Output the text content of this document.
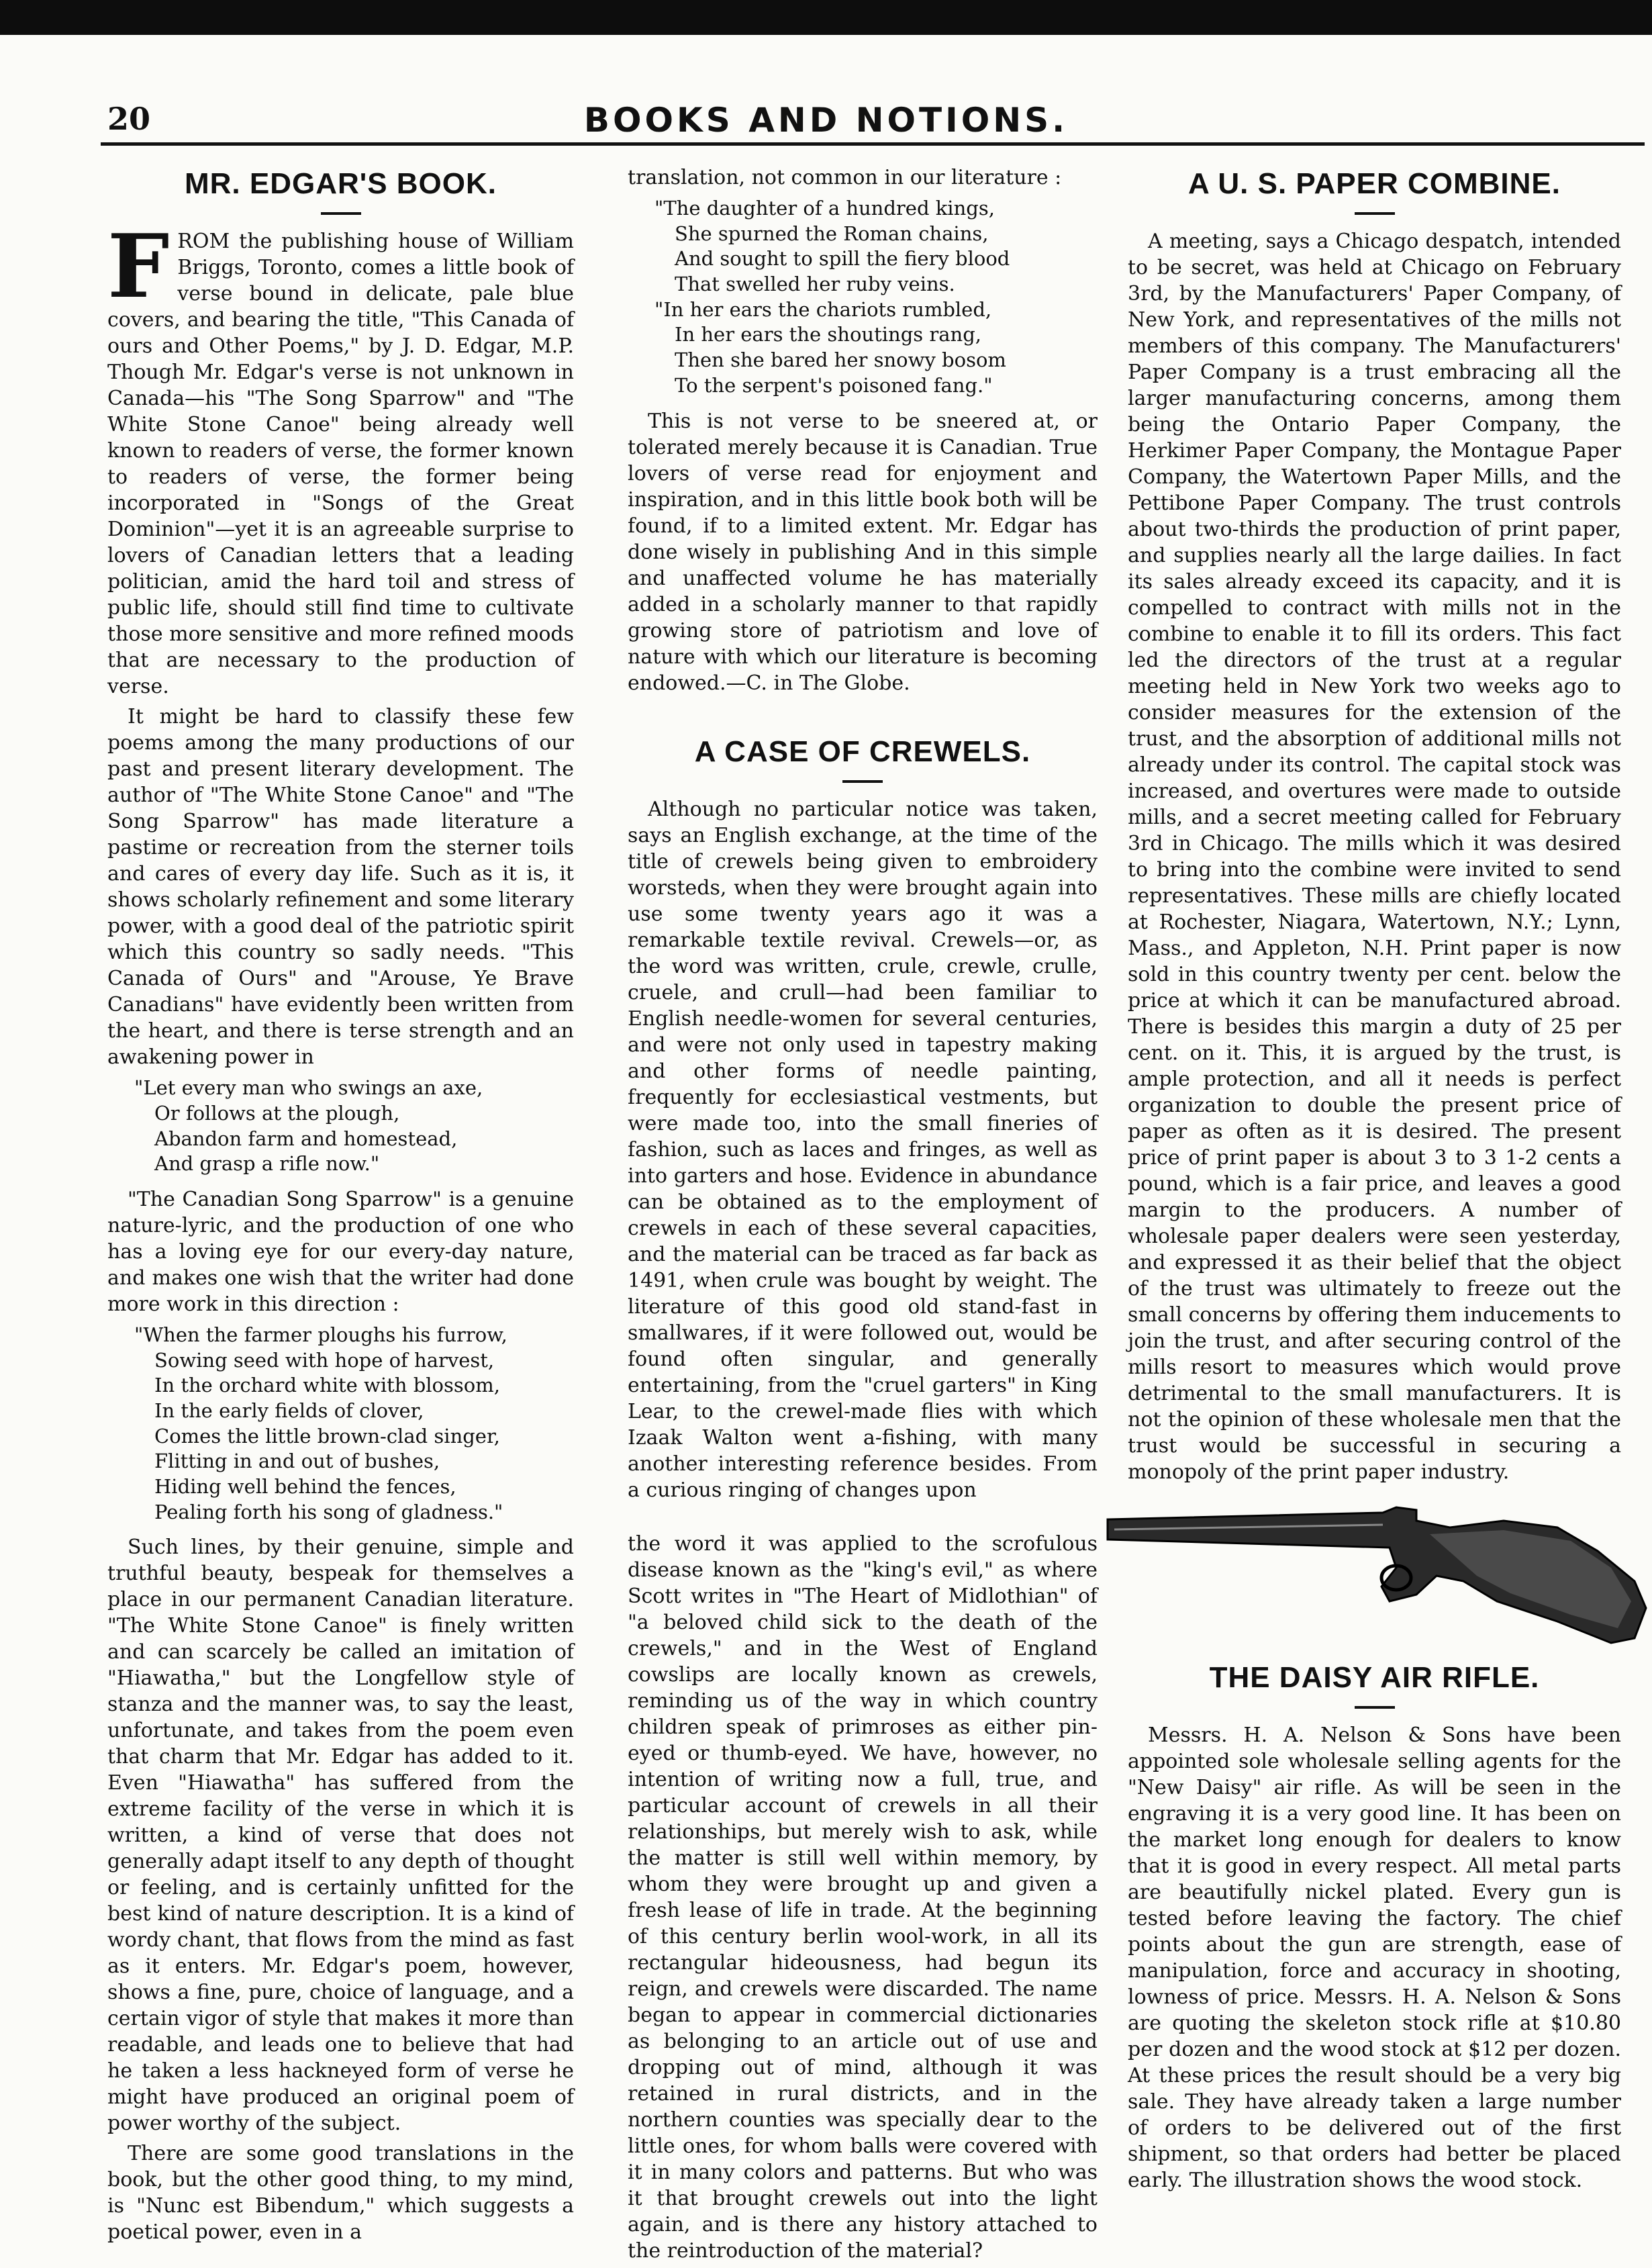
20	BOOKS AND NOTIONS.
MR. EDGAR'S BOOK.

FROM the publishing house of William Briggs, Toronto, comes a little book of verse bound in delicate, pale blue covers, and bearing the title, "This Canada of ours and Other Poems," by J. D. Edgar, M.P. Though Mr. Edgar's verse is not unknown in Canada—his "The Song Sparrow" and "The White Stone Canoe" being already well known to readers of verse, the former known to readers of verse, the former being incorporated in "Songs of the Great Dominion"—yet it is an agreeable surprise to lovers of Canadian letters that a leading politician, amid the hard toil and stress of public life, should still find time to cultivate those more sensitive and more refined moods that are necessary to the production of verse.

It might be hard to classify these few poems among the many productions of our past and present literary development. The author of "The White Stone Canoe" and "The Song Sparrow" has made literature a pastime or recreation from the sterner toils and cares of every day life. Such as it is, it shows scholarly refinement and some literary power, with a good deal of the patriotic spirit which this country so sadly needs. "This Canada of Ours" and "Arouse, Ye Brave Canadians" have evidently been written from the heart, and there is terse strength and an awakening power in

"Let every man who swings an axe,
Or follows at the plough,
Abandon farm and homestead,
And grasp a rifle now."

"The Canadian Song Sparrow" is a genuine nature-lyric, and the production of one who has a loving eye for our every-day nature, and makes one wish that the writer had done more work in this direction :

"When the farmer ploughs his furrow,
Sowing seed with hope of harvest,
In the orchard white with blossom,
In the early fields of clover,
Comes the little brown-clad singer,
Flitting in and out of bushes,
Hiding well behind the fences,
Pealing forth his song of gladness."

Such lines, by their genuine, simple and truthful beauty, bespeak for themselves a place in our permanent Canadian literature. "The White Stone Canoe" is finely written and can scarcely be called an imitation of "Hiawatha," but the Longfellow style of stanza and the manner was, to say the least, unfortunate, and takes from the poem even that charm that Mr. Edgar has added to it. Even "Hiawatha" has suffered from the extreme facility of the verse in which it is written, a kind of verse that does not generally adapt itself to any depth of thought or feeling, and is certainly unfitted for the best kind of nature description. It is a kind of wordy chant, that flows from the mind as fast as it enters. Mr. Edgar's poem, however, shows a fine, pure, choice of language, and a certain vigor of style that makes it more than readable, and leads one to believe that had he taken a less hackneyed form of verse he might have produced an original poem of power worthy of the subject.

There are some good translations in the book, but the other good thing, to my mind, is "Nunc est Bibendum," which suggests a poetical power, even in a

translation, not common in our literature :

"The daughter of a hundred kings,
She spurned the Roman chains,
And sought to spill the fiery blood
That swelled her ruby veins.
"In her ears the chariots rumbled,
In her ears the shoutings rang,
Then she bared her snowy bosom
To the serpent's poisoned fang."

This is not verse to be sneered at, or tolerated merely because it is Canadian. True lovers of verse read for enjoyment and inspiration, and in this little book both will be found, if to a limited extent. Mr. Edgar has done wisely in publishing And in this simple and unaffected volume he has materially added in a scholarly manner to that rapidly growing store of patriotism and love of nature with which our literature is becoming endowed.—C. in The Globe.

A CASE OF CREWELS.

Although no particular notice was taken, says an English exchange, at the time of the title of crewels being given to embroidery worsteds, when they were brought again into use some twenty years ago it was a remarkable textile revival. Crewels—or, as the word was written, crule, crewle, crulle, cruele, and crull—had been familiar to English needle-women for several centuries, and were not only used in tapestry making and other forms of needle painting, frequently for ecclesiastical vestments, but were made too, into the small fineries of fashion, such as laces and fringes, as well as into garters and hose. Evidence in abundance can be obtained as to the employment of crewels in each of these several capacities, and the material can be traced as far back as 1491, when crule was bought by weight. The literature of this good old stand-fast in smallwares, if it were followed out, would be found often singular, and generally entertaining, from the "cruel garters" in King Lear, to the crewel-made flies with which Izaak Walton went a-fishing, with many another interesting reference besides. From a curious ringing of changes upon

the word it was applied to the scrofulous disease known as the "king's evil," as where Scott writes in "The Heart of Midlothian" of "a beloved child sick to the death of the crewels," and in the West of England cowslips are locally known as crewels, reminding us of the way in which country children speak of primroses as either pin-eyed or thumb-eyed. We have, however, no intention of writing now a full, true, and particular account of crewels in all their relationships, but merely wish to ask, while the matter is still well within memory, by whom they were brought up and given a fresh lease of life in trade. At the beginning of this century berlin wool-work, in all its rectangular hideousness, had begun its reign, and crewels were discarded. The name began to appear in commercial dictionaries as belonging to an article out of use and dropping out of mind, although it was retained in rural districts, and in the northern counties was specially dear to the little ones, for whom balls were covered with it in many colors and patterns. But who was it that brought crewels out into the light again, and is there any history attached to the reintroduction of the material?

A U. S. PAPER COMBINE.

A meeting, says a Chicago despatch, intended to be secret, was held at Chicago on February 3rd, by the Manufacturers' Paper Company, of New York, and representatives of the mills not members of this company. The Manufacturers' Paper Company is a trust embracing all the larger manufacturing concerns, among them being the Ontario Paper Company, the Herkimer Paper Company, the Montague Paper Company, the Watertown Paper Mills, and the Pettibone Paper Company. The trust controls about two-thirds the production of print paper, and supplies nearly all the large dailies. In fact its sales already exceed its capacity, and it is compelled to contract with mills not in the combine to enable it to fill its orders. This fact led the directors of the trust at a regular meeting held in New York two weeks ago to consider measures for the extension of the trust, and the absorption of additional mills not already under its control. The capital stock was increased, and overtures were made to outside mills, and a secret meeting called for February 3rd in Chicago. The mills which it was desired to bring into the combine were invited to send representatives. These mills are chiefly located at Rochester, Niagara, Watertown, N.Y.; Lynn, Mass., and Appleton, N.H. Print paper is now sold in this country twenty per cent. below the price at which it can be manufactured abroad. There is besides this margin a duty of 25 per cent. on it. This, it is argued by the trust, is ample protection, and all it needs is perfect organization to double the present price of paper as often as it is desired. The present price of print paper is about 3 to 3 1-2 cents a pound, which is a fair price, and leaves a good margin to the producers. A number of wholesale paper dealers were seen yesterday, and expressed it as their belief that the object of the trust was ultimately to freeze out the small concerns by offering them inducements to join the trust, and after securing control of the mills resort to measures which would prove detrimental to the small manufacturers. It is not the opinion of these wholesale men that the trust would be successful in securing a monopoly of the print paper industry.

THE DAISY AIR RIFLE.

Messrs. H. A. Nelson & Sons have been appointed sole wholesale selling agents for the "New Daisy" air rifle. As will be seen in the engraving it is a very good line. It has been on the market long enough for dealers to know that it is good in every respect. All metal parts are beautifully nickel plated. Every gun is tested before leaving the factory. The chief points about the gun are strength, ease of manipulation, force and accuracy in shooting, lowness of price. Messrs. H. A. Nelson & Sons are quoting the skeleton stock rifle at $10.80 per dozen and the wood stock at $12 per dozen. At these prices the result should be a very big sale. They have already taken a large number of orders to be delivered out of the first shipment, so that orders had better be placed early. The illustration shows the wood stock.
